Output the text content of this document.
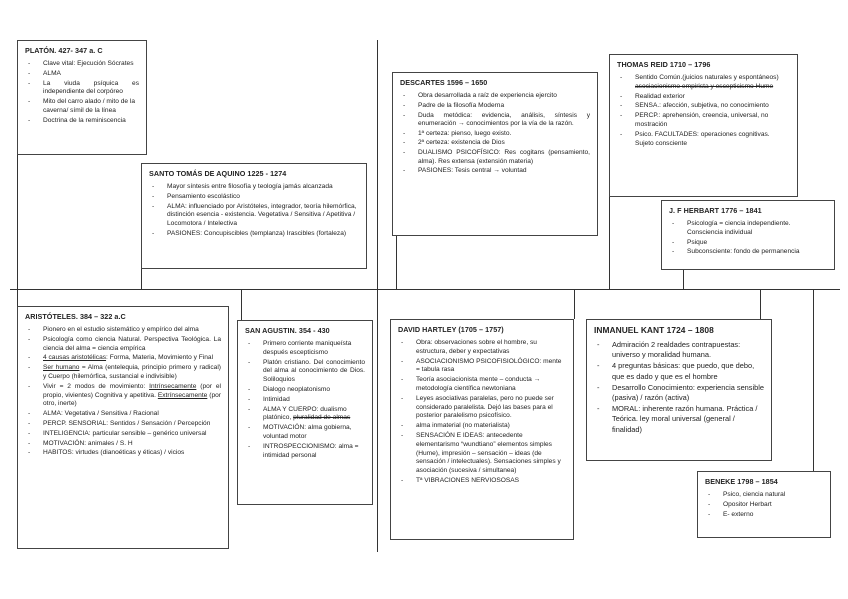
PLATÓN. 427- 347 a. C
- Clave vital: Ejecución Sócrates
- ALMA
- La viuda psíquica es independiente del corpóreo
- Mito del carro alado / mito de la caverna/ símil de la línea
- Doctrina de la reminiscencia
SANTO TOMÁS DE AQUINO 1225 - 1274
- Mayor síntesis entre filosofía y teología jamás alcanzada
- Pensamiento escolástico
- ALMA: influenciado por Aristóteles, integrador, teoría hilemórfica, distinción esencia - existencia. Vegetativa / Sensitiva / Apetitiva / Locomotora / Intelectiva
- PASIONES: Concupiscibles (templanza) Irascibles (fortaleza)
DESCARTES 1596 – 1650
- Obra desarrollada a raíz de experiencia ejercito
- Padre de la filosofía Moderna
- Duda metódica: evidencia, análisis, síntesis y enumeración → conocimientos por la vía de la razón.
- 1ª certeza: pienso, luego existo.
- 2ª certeza: existencia de Dios
- DUALISMO PSICOFÍSICO: Res cogitans (pensamiento, alma). Res extensa (extensión materia)
- PASIONES: Tesis central → voluntad
THOMAS REID 1710 – 1796
- Sentido Común.(juicios naturales y espontáneos) asociacionismo empirista y escepticismo Hume
- Realidad exterior
- SENSA.: afección, subjetiva, no conocimiento
- PERCP.: aprehensión, creencia, universal, no mostración
- Psico. FACULTADES: operaciones cognitivas. Sujeto consciente
J. F HERBART 1776 – 1841
- Psicología = ciencia independiente. Consciencia individual
- Psique
- Subconsciente: fondo de permanencia
ARISTÓTELES. 384 – 322 a.C
- Pionero en el estudio sistemático y empírico del alma
- Psicología como ciencia Natural. Perspectiva Teológica. La ciencia del alma = ciencia empírica
- 4 causas aristotélicas: Forma, Materia, Movimiento y Final
- Ser humano = Alma (entelequia, principio primero y radical) y Cuerpo (hilemórfica, sustancial e indivisible)
- Vivir = 2 modos de movimiento: Intrínsecamente (por el propio, vivientes) Cognitiva y apetitiva. Extrínsecamente (por otro, inerte)
- ALMA: Vegetativa / Sensitiva / Racional
- PERCP. SENSORIAL: Sentidos / Sensación / Percepción
- INTELIGENCIA: particular sensible – genérico universal
- MOTIVACIÓN: animales / S. H
- HABITOS: virtudes (dianoéticas y éticas) / vicios
SAN AGUSTIN. 354 - 430
- Primero corriente maniqueísta después escepticismo
- Platón cristiano. Del conocimiento del alma al conocimiento de Dios. Soliloquios
- Dialogo neoplatonismo
- Intimidad
- ALMA Y CUERPO: dualismo platónico, pluralidad de almas
- MOTIVACIÓN: alma gobierna, voluntad motor
- INTROSPECCIONISMO: alma = intimidad personal
DAVID HARTLEY (1705 – 1757)
- Obra: observaciones sobre el hombre, su estructura, deber y expectativas
- ASOCIACIONISMO PSICOFISIOLÓGICO: mente = tabula rasa
- Teoría asociacionista mente – conducta → metodología científica newtoniana
- Leyes asociativas paralelas, pero no puede ser considerado paralelista. Dejó las bases para el posterior paralelismo psicofísico.
- alma inmaterial (no materialista)
- SENSACIÓN E IDEAS: antecedente elementarismo “wundtiano” elementos simples (Hume), impresión – sensación – ideas (de sensación / intelectuales). Sensaciones simples y asociación (sucesiva / simultanea)
- Tª VIBRACIONES NERVIOSOSAS
INMANUEL KANT 1724 – 1808
- Admiración 2 realdades contrapuestas: universo y moralidad humana.
- 4 preguntas básicas: que puedo, que debo, que es dado y que es el hombre
- Desarrollo Conocimiento: experiencia sensible (pasiva) / razón (activa)
- MORAL: inherente razón humana. Práctica / Teórica. ley moral universal (general / finalidad)
BENEKE 1798 – 1854
- Psico, ciencia natural
- Opositor Herbart
- E- externo
